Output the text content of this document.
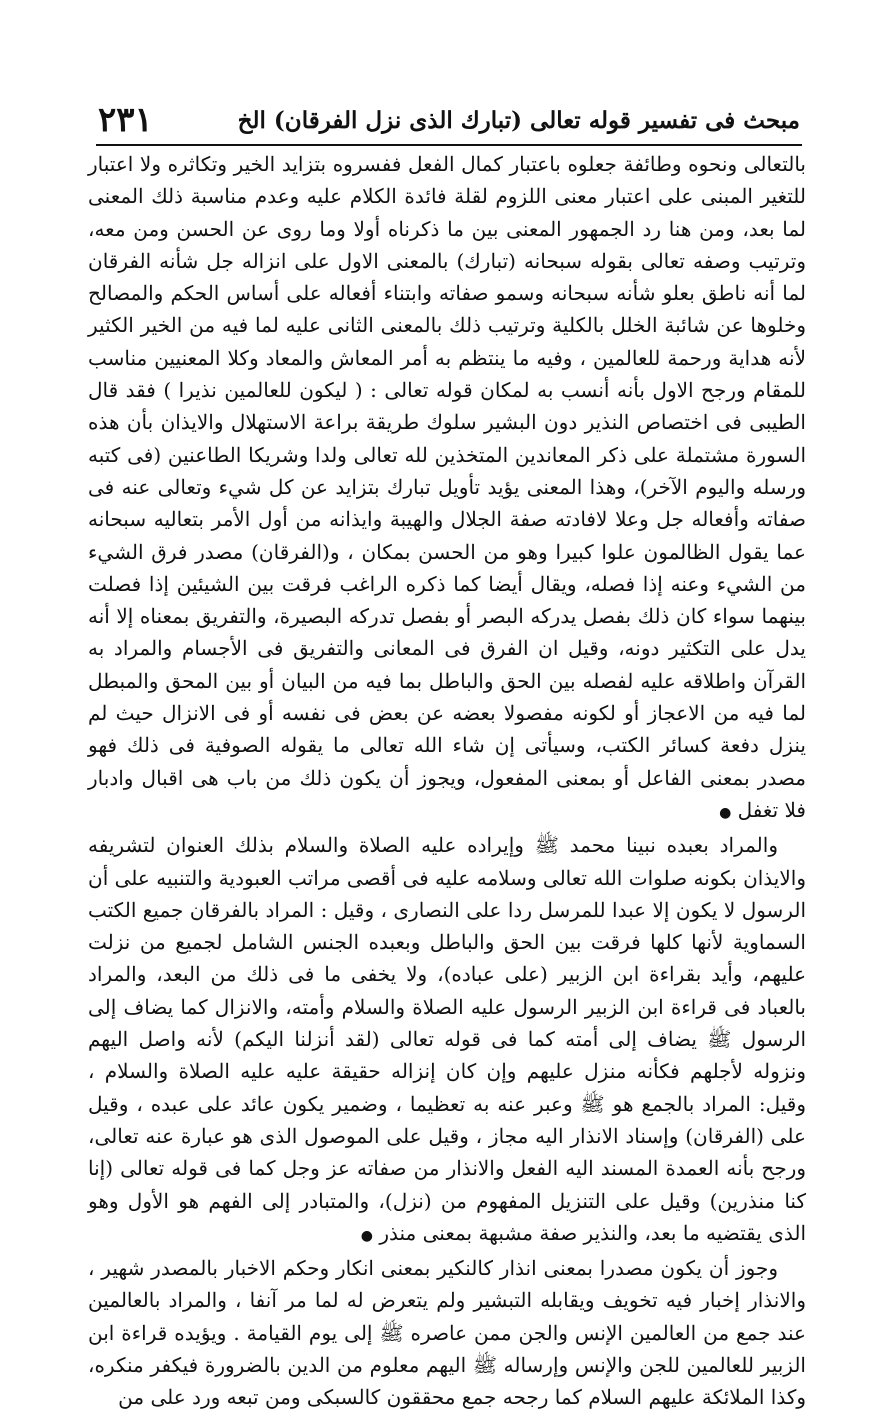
٢٣١	مبحث فى تفسير قوله تعالى (تبارك الذى نزل الفرقان) الخ

بالتعالى ونحوه وطائفة جعلوه باعتبار كمال الفعل ففسروه بتزايد الخير وتكاثره ولا اعتبار للتغير المبنى على اعتبار معنى اللزوم لقلة فائدة الكلام عليه وعدم مناسبة ذلك المعنى لما بعد، ومن هنا رد الجمهور المعنى بين ما ذكرناه أولا وما روى عن الحسن ومن معه، وترتيب وصفه تعالى بقوله سبحانه (تبارك) بالمعنى الاول على انزاله جل شأنه الفرقان لما أنه ناطق بعلو شأنه سبحانه وسمو صفاته وابتناء أفعاله على أساس الحكم والمصالح وخلوها عن شائبة الخلل بالكلية وترتيب ذلك بالمعنى الثانى عليه لما فيه من الخير الكثير لأنه هداية ورحمة للعالمين ، وفيه ما ينتظم به أمر المعاش والمعاد وكلا المعنيين مناسب للمقام ورجح الاول بأنه أنسب به لمكان قوله تعالى : ( ليكون للعالمين نذيرا ) فقد قال الطيبى فى اختصاص النذير دون البشير سلوك طريقة براعة الاستهلال والايذان بأن هذه السورة مشتملة على ذكر المعاندين المتخذين لله تعالى ولدا وشريكا الطاعنين (فى كتبه ورسله واليوم الآخر)، وهذا المعنى يؤيد تأويل تبارك بتزايد عن كل شيء وتعالى عنه فى صفاته وأفعاله جل وعلا لافادته صفة الجلال والهيبة وايذانه من أول الأمر بتعاليه سبحانه عما يقول الظالمون علوا كبيرا وهو من الحسن بمكان ، و(الفرقان) مصدر فرق الشيء من الشيء وعنه إذا فصله، ويقال أيضا كما ذكره الراغب فرقت بين الشيئين إذا فصلت بينهما سواء كان ذلك بفصل يدركه البصر أو بفصل تدركه البصيرة، والتفريق بمعناه إلا أنه يدل على التكثير دونه، وقيل ان الفرق فى المعانى والتفريق فى الأجسام والمراد به القرآن واطلاقه عليه لفصله بين الحق والباطل بما فيه من البيان أو بين المحق والمبطل لما فيه من الاعجاز أو لكونه مفصولا بعضه عن بعض فى نفسه أو فى الانزال حيث لم ينزل دفعة كسائر الكتب، وسيأتى إن شاء الله تعالى ما يقوله الصوفية فى ذلك فهو مصدر بمعنى الفاعل أو بمعنى المفعول، ويجوز أن يكون ذلك من باب هى اقبال وادبار فلا تغفل ●

والمراد بعبده نبينا محمد ﷺ وإيراده عليه الصلاة والسلام بذلك العنوان لتشريفه والايذان بكونه صلوات الله تعالى وسلامه عليه فى أقصى مراتب العبودية والتنبيه على أن الرسول لا يكون إلا عبدا للمرسل ردا على النصارى ، وقيل : المراد بالفرقان جميع الكتب السماوية لأنها كلها فرقت بين الحق والباطل وبعبده الجنس الشامل لجميع من نزلت عليهم، وأيد بقراءة ابن الزبير (على عباده)، ولا يخفى ما فى ذلك من البعد، والمراد بالعباد فى قراءة ابن الزبير الرسول عليه الصلاة والسلام وأمته، والانزال كما يضاف إلى الرسول ﷺ يضاف إلى أمته كما فى قوله تعالى (لقد أنزلنا اليكم) لأنه واصل اليهم ونزوله لأجلهم فكأنه منزل عليهم وإن كان إنزاله حقيقة عليه عليه الصلاة والسلام ، وقيل: المراد بالجمع هو ﷺ وعبر عنه به تعظيما ، وضمير يكون عائد على عبده ، وقيل على (الفرقان) وإسناد الانذار اليه مجاز ، وقيل على الموصول الذى هو عبارة عنه تعالى، ورجح بأنه العمدة المسند اليه الفعل والانذار من صفاته عز وجل كما فى قوله تعالى (إنا كنا منذرين) وقيل على التنزيل المفهوم من (نزل)، والمتبادر إلى الفهم هو الأول وهو الذى يقتضيه ما بعد، والنذير صفة مشبهة بمعنى منذر ●

وجوز أن يكون مصدرا بمعنى انذار كالنكير بمعنى انكار وحكم الاخبار بالمصدر شهير ، والانذار إخبار فيه تخويف ويقابله التبشير ولم يتعرض له لما مر آنفا ، والمراد بالعالمين عند جمع من العالمين الإنس والجن ممن عاصره ﷺ إلى يوم القيامة . ويؤيده قراءة ابن الزبير للعالمين للجن والإنس وإرساله ﷺ اليهم معلوم من الدين بالضرورة فيكفر منكره، وكذا الملائكة عليهم السلام كما رجحه جمع محققون كالسبكى ومن تبعه ورد على من
